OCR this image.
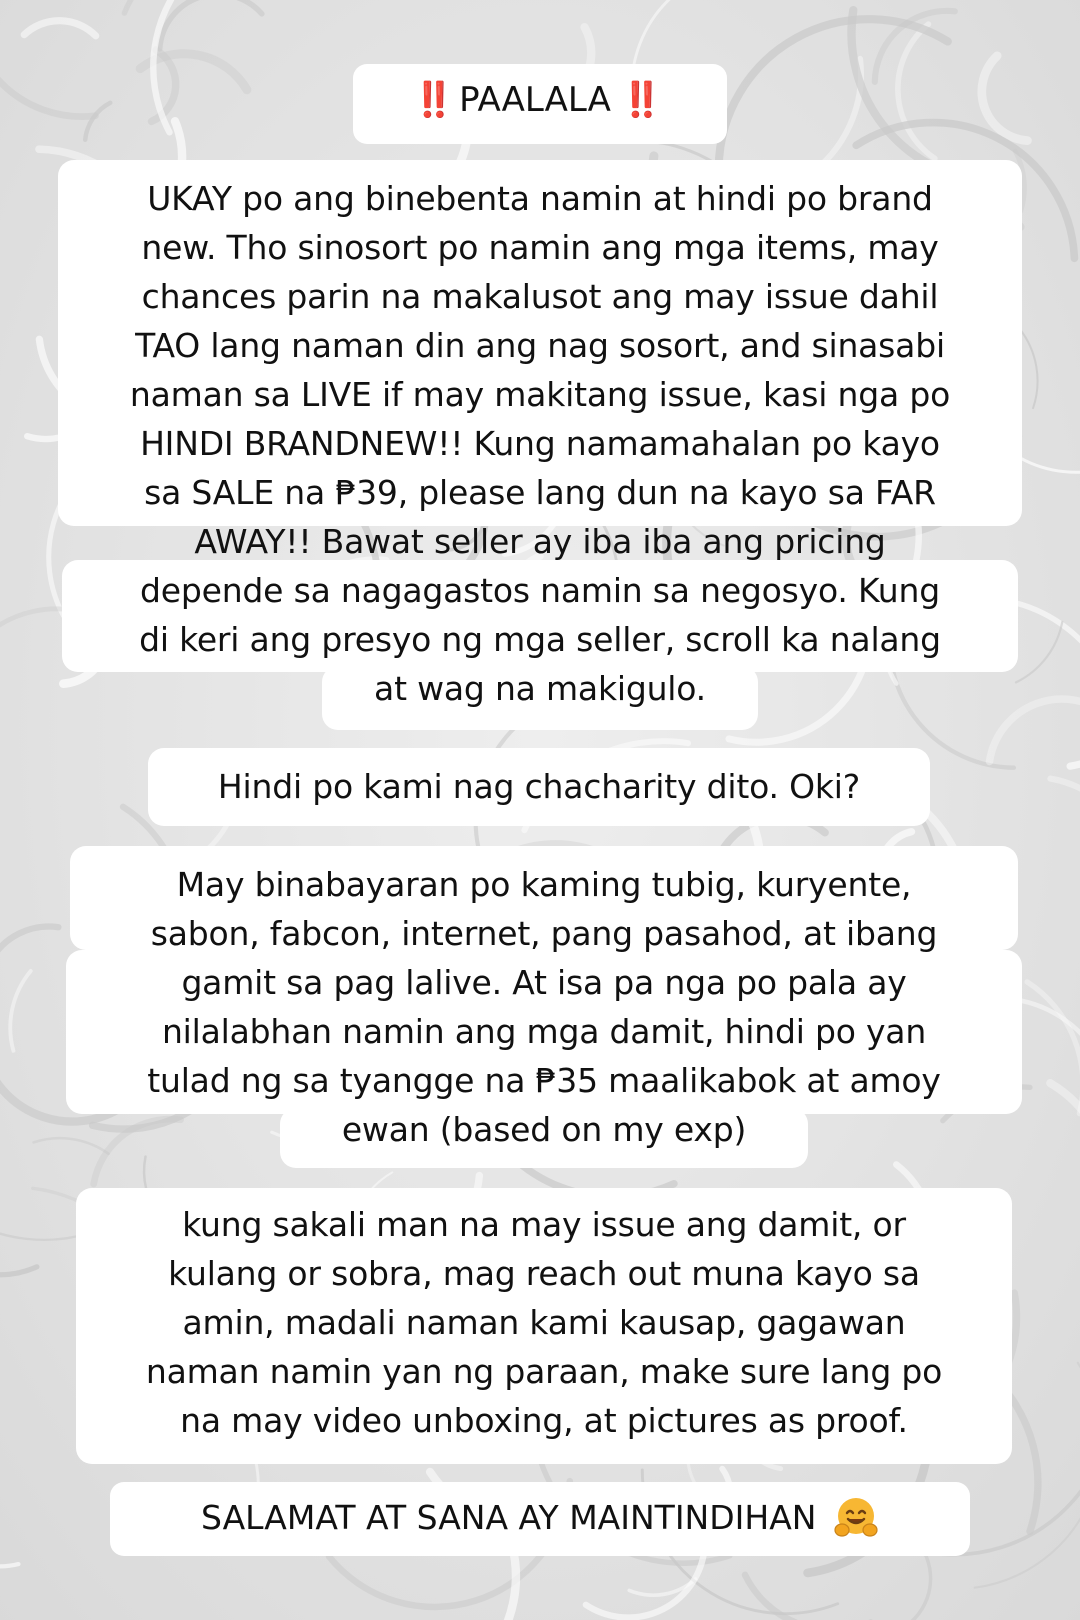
‼️ PAALALA ‼️
UKAY po ang binebenta namin at hindi po brand
new. Tho sinosort po namin ang mga items, may
chances parin na makalusot ang may issue dahil
TAO lang naman din ang nag sosort, and sinasabi
naman sa LIVE if may makitang issue, kasi nga po
HINDI BRANDNEW!! Kung namamahalan po kayo
sa SALE na ₱39, please lang dun na kayo sa FAR
AWAY!! Bawat seller ay iba iba ang pricing
depende sa nagagastos namin sa negosyo. Kung
di keri ang presyo ng mga seller, scroll ka nalang
at wag na makigulo.
Hindi po kami nag chacharity dito. Oki?
May binabayaran po kaming tubig, kuryente,
sabon, fabcon, internet, pang pasahod, at ibang
gamit sa pag lalive. At isa pa nga po pala ay
nilalabhan namin ang mga damit, hindi po yan
tulad ng sa tyangge na ₱35 maalikabok at amoy
ewan (based on my exp)
kung sakali man na may issue ang damit, or
kulang or sobra, mag reach out muna kayo sa
amin, madali naman kami kausap, gagawan
naman namin yan ng paraan, make sure lang po
na may video unboxing, at pictures as proof.
SALAMAT AT SANA AY MAINTINDIHAN
